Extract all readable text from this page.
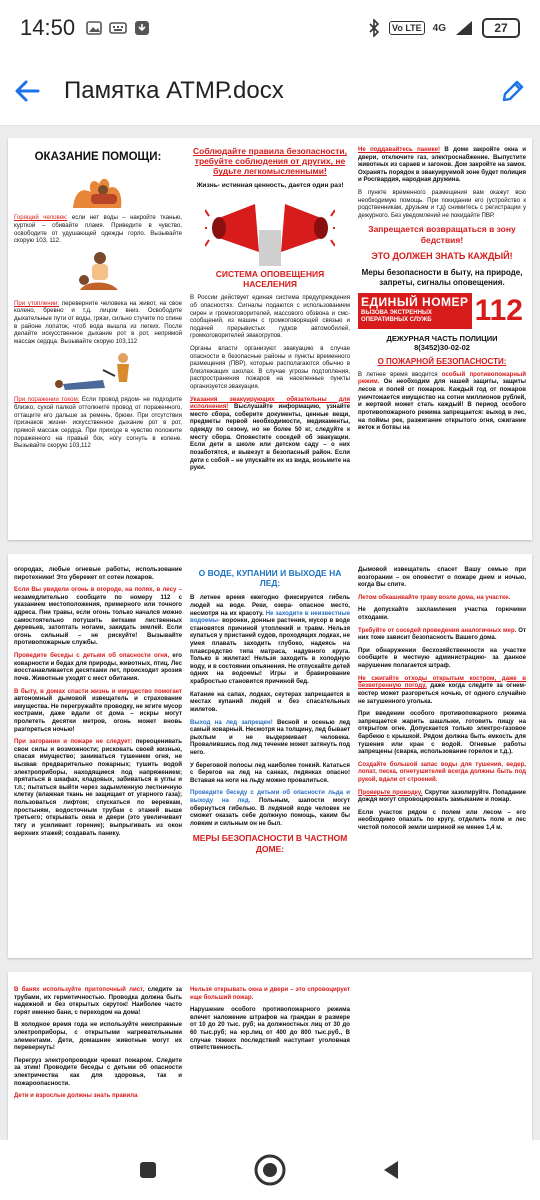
14:50	Vo LTE	4G	27
Памятка АТМР.docx
ОКАЗАНИЕ ПОМОЩИ:
Горящий человек: если нет воды – накройте тканью, курткой – сбивайте пламя. Приведите в чувство, освободите от удушающей одежды горло. Вызывайте скорую 103, 112.
При утоплении: переверните человека на живот, на свое колено, бревно и т.д. лицом вниз. Освободите дыхательные пути от воды, грязи, сильно стучите по спине в районе лопаток, чтоб вода вышла из легких. После делайте искусственное дыхание рот в рот, непрямой массаж сердца. Вызывайте скорую 103,112
При поражении током: Если провод рядом- не подходите близко, сухой палкой оттолкните провод от пораженного, оттащите его дальше за ремень, брюки. При отсутствии признаков жизни- искусственное дыхание рот в рот, прямой массаж сердца. При приходе в чувство положите пораженного на правый бок, ногу согнуть в колене. Вызывайте скорую 103,112
Соблюдайте правила безопасности, требуйте соблюдения от других, не будьте легкомысленными!
Жизнь- истинная ценность, дается один раз!
СИСТЕМА ОПОВЕЩЕНИЯ НАСЕЛЕНИЯ
В России действует единая система предупреждения об опасностях. Сигналы подаются с использованием сирен и громкоговорителей, массового обзвона и смс-сообщений, из машин с громкоговорящей связью и подачей прерывистых гудков автомобилей, громкоговорителей эвакогрупов.
Органы власти организуют эвакуацию в случае опасности в безопасные районы и пункты временного размещения (ПВР), которые располагаются обычно в близлежащих школах. В случае угрозы подтопления, распространения пожаров на населенные пункты организуется эвакуация.
Указания эвакуирующих обязательны для исполнения! Выслушайте информацию, узнайте место сбора, соберите документы, ценные вещи, предметы первой необходимости, медикаменты, одежду по сезону, но не более 50 кг, следуйте к месту сбора. Оповестите соседей об эвакуации. Если дети в школе или детском саду – о них позаботятся, и вывезут в безопасный район. Если дети с собой – не упускайте их из вида, возьмите на руки.
Не поддавайтесь панике! В доме закройте окна и двери, отключите газ, электроснабжение. Выпустите животных из сараев и загонов. Дом закройте на замок. Охранять порядок в эвакуируемой зоне будет полиция и Росгвардия, народная дружина.
В пункте временного размещения вам окажут всю необходимую помощь. При покидании его (устройство к родственникам, друзьям и т.д) снимитесь с регистрации у дежурного. Без уведомлений не покидайте ПВР.
Запрещается возвращаться в зону бедствия!
ЭТО ДОЛЖЕН ЗНАТЬ КАЖДЫЙ!
Меры безопасности в быту, на природе, запреты, сигналы оповещения.
ЕДИНЫЙ НОМЕР
ВЫЗОВА ЭКСТРЕННЫХ
ОПЕРАТИВНЫХ СЛУЖБ	112
ДЕЖУРНАЯ ЧАСТЬ ПОЛИЦИИ
8(3452)30-02-02
О ПОЖАРНОЙ БЕЗОПАСНОСТИ:
В летнее время вводится особый противопожарный режим. Он необходим для нашей защиты, защиты лесов и полей от пожаров. Каждый год от пожаров уничтожается имущество на сотни миллионов рублей, и жертвой может стать каждый! В период особого противопожарного режима запрещается: выход в лес, на поймы рек, разжигание открытого огня, сжигание веток и ботвы на
огородах, любые огневые работы, использование пиротехники! Это убережет от сотен пожаров.
Если Вы увидели огонь в огороде, на полях, в лесу –незамедлительно сообщите по номеру 112 с указанием местоположения, примерного или точного адреса. Пни травы, если огонь только начался можно самостоятельно потушить ветками лиственных деревьев, затоптать ногами, закидать землей. Если огонь сильный – не рискуйте! Вызывайте противопожарные службы.
Проведите беседы с детьми об опасности огня, его коварности и бедах для природы, животных, птиц. Лес восстанавливается десятками лет, происходит эрозия почв. Животные уходят с мест обитания.
В быту, в домах спасти жизнь и имущество помогает автономный дымовой извещатель и страхование имущества. Не перегружайте проводку, не жгите мусор кострами, даже вдали от дома – искры могут пролететь десятки метров, огонь может вновь разгореться ночью!
При загорании и пожаре не следует: переоценивать свои силы и возможности; рисковать своей жизнью, спасая имущество; заниматься тушением огня, не вызвав предварительно пожарных; тушить водой электроприборы, находящиеся под напряжением; прятаться в шкафах, кладовых, забиваться в углы и т.п.; пытаться выйти через задымленную лестничную клетку (влажная ткань не защищает от угарного газа); пользоваться лифтом; спускаться по веревкам, простыням, водосточным трубам с этажей выше третьего; открывать окна и двери (это увеличивает тягу и усиливает горение); выпрыгивать из окон верхних этажей; создавать панику.
О ВОДЕ, КУПАНИИ И ВЫХОДЕ НА ЛЕД:
В летнее время ежегодно фиксируется гибель людей на воде. Реки, озера- опасное место, несмотря на их красоту. Не заходите в неизвестные водоемы- воронки, донные растения, мусор в воде становятся причиной утоплений и травм. Нельзя купаться у пристаней судов, проходящих лодках, не умея плавать заходить глубоко, надеясь на плавсредство типа матраса, надувного круга. Только в жилетах! Нельзя заходить в холодную воду, и в состоянии опьянения. Не отпускайте детей одних на водоемы! Игры и бравирование храбростью становится причиной бед.
Катание на сапах, лодках, скутерах запрещается в местах купаний людей и без спасательных жилетов.
Выход на лед запрещен! Весной и осенью лед самый коварный. Несмотря на толщину, лед бывает рыхлым и не выдерживает человека. Провалившись под лед течение может затянуть под него.
У береговой полосы лед наиболее тонкий. Кататься с берегов на лед на санках, ледянках опасно! Вставая на ноги на льду можно провалиться.
Проведите беседу с детьми об опасности льда и выходу на лед. Польным, шапости могут обернуться гибелью. В ледяной воде человек не сможет оказать себе должную помощь, каким бы ловким и сильным он не был.
МЕРЫ БЕЗОПАСНОСТИ В ЧАСТНОМ ДОМЕ:
Дымовой извещатель спасет Вашу семью при возгорании – он оповестит о пожаре днем и ночью, когда Вы спите.
Летом обкашивайте траву возле дома, на участке.
Не допускайте захламления участка горючими отходами.
Требуйте от соседей проведения аналогичных мер. От них тоже зависит безопасность Вашего дома.
При обнаружении бесхозяйственности на участке сообщите в местную администрацию- за данное нарушение полагается штраф.
Не сжигайте отходы открытым костром, даже в безветренную погоду, даже когда следите за огнем- костер может разгореться ночью, от одного случайно не затушенного уголька.
При введении особого противопожарного режима запрещается жарить шашлыки, готовить пищу на открытом огне. Допускается только электро-газовое барбекю с крышкой. Рядом должна быть емкость для тушения или кран с водой. Огневые работы запрещены (сварка, использование горелок и т.д.).
Создайте большой запас воды для тушения, ведер, лопат, песка, огнетушителей всегда должны быть под рукой, вдали от строений.
Проверьте проводку. Скрутки зазолируйте. Попадание дождя могут спровоцировать замыкание и пожар.
Если участок рядом с полем или лесом – его необходимо опахать по кругу, отделить поле и лес чистой полосой земли шириной не менее 1,4 м.
В банях используйте притопочный лист, следите за трубами, их герметичностью. Проводка должна быть надежной и без открытых скруток! Наиболее часто горят именно бани, с переходом на дома!
В холодное время года не используйте неисправные электроприборы, с открытыми нагревательными элементами. Дети, домашние животные могут их перевернуть!
Перегруз электропроводки чреват пожаром. Следите за этим! Проводите беседы с детьми об опасности электричества как для здоровья, так и пожароопасности.
Дети и взрослые должны знать правила
Нельзя открывать окна и двери – это спровоцирует еще больший пожар.
Нарушение особого противопожарного режима влечет наложение штрафов на граждан в размере от 10 до 20 тыс. руб; на должностных лиц от 30 до 60 тыс.руб; на юр.лиц от 400 до 800 тыс.руб., В случае тяжких последствий наступает уголовная ответственность.
